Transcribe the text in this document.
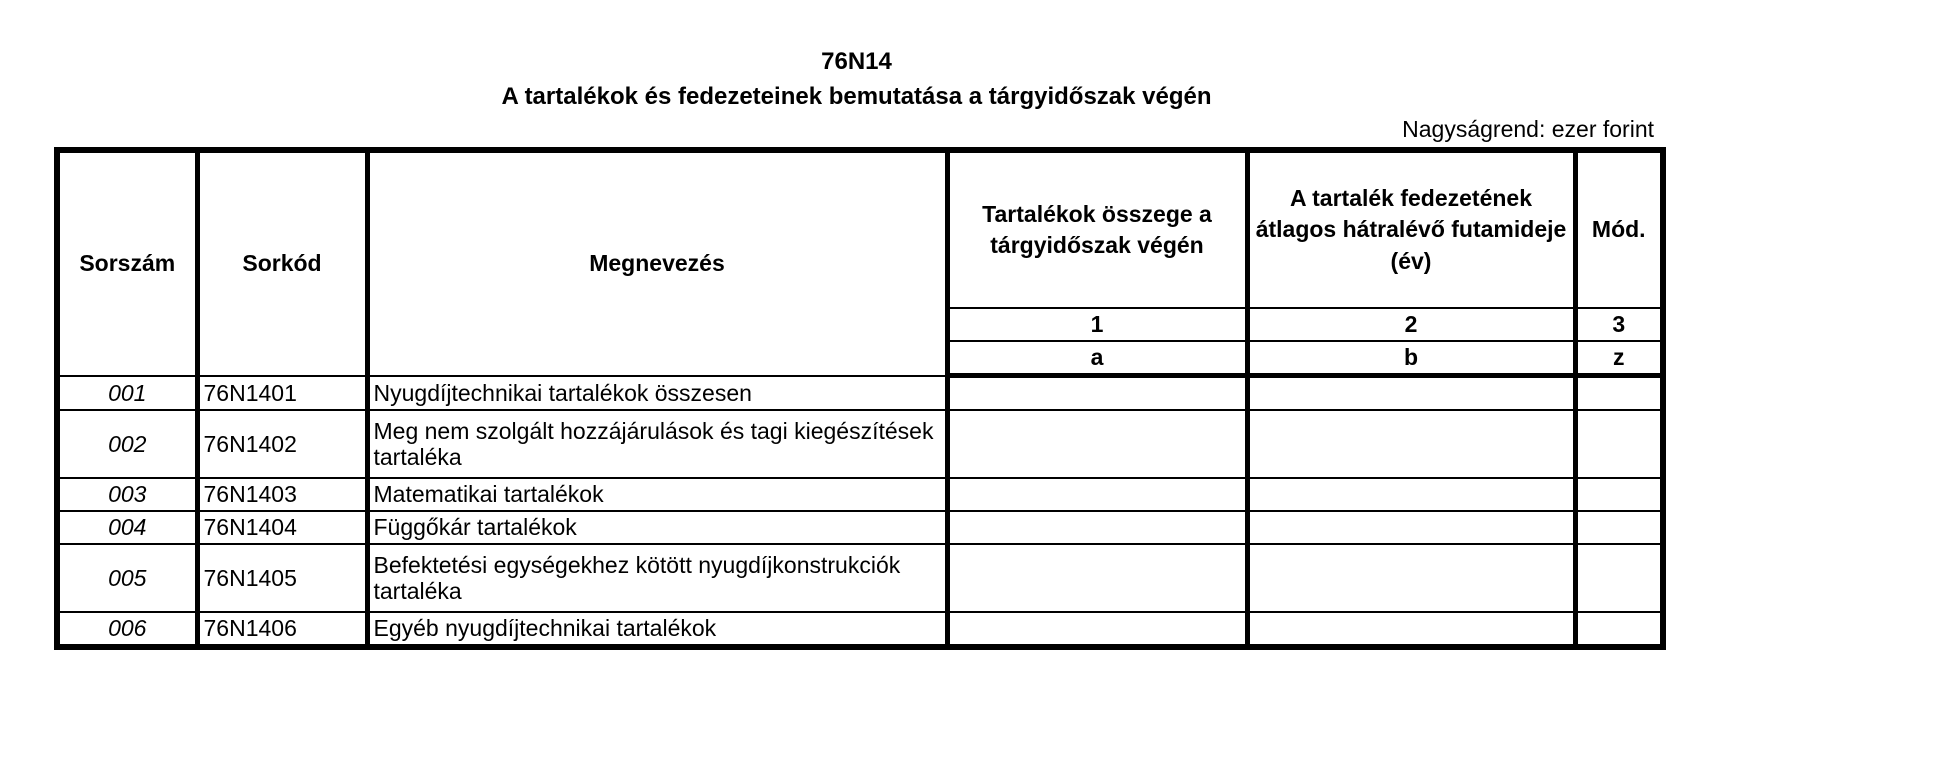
76N14
A tartalékok és fedezeteinek bemutatása a tárgyidőszak végén
Nagyságrend: ezer forint
Sorszám	Sorkód	Megnevezés	Tartalékok összege a tárgyidőszak végén	A tartalék fedezetének átlagos hátralévő futamideje (év)	Mód.
			1	2	3
			a	b	z
001	76N1401	Nyugdíjtechnikai tartalékok összesen			
002	76N1402	Meg nem szolgált hozzájárulások és tagi kiegészítések tartaléka			
003	76N1403	Matematikai tartalékok			
004	76N1404	Függőkár tartalékok			
005	76N1405	Befektetési egységekhez kötött nyugdíjkonstrukciók tartaléka			
006	76N1406	Egyéb nyugdíjtechnikai tartalékok			
